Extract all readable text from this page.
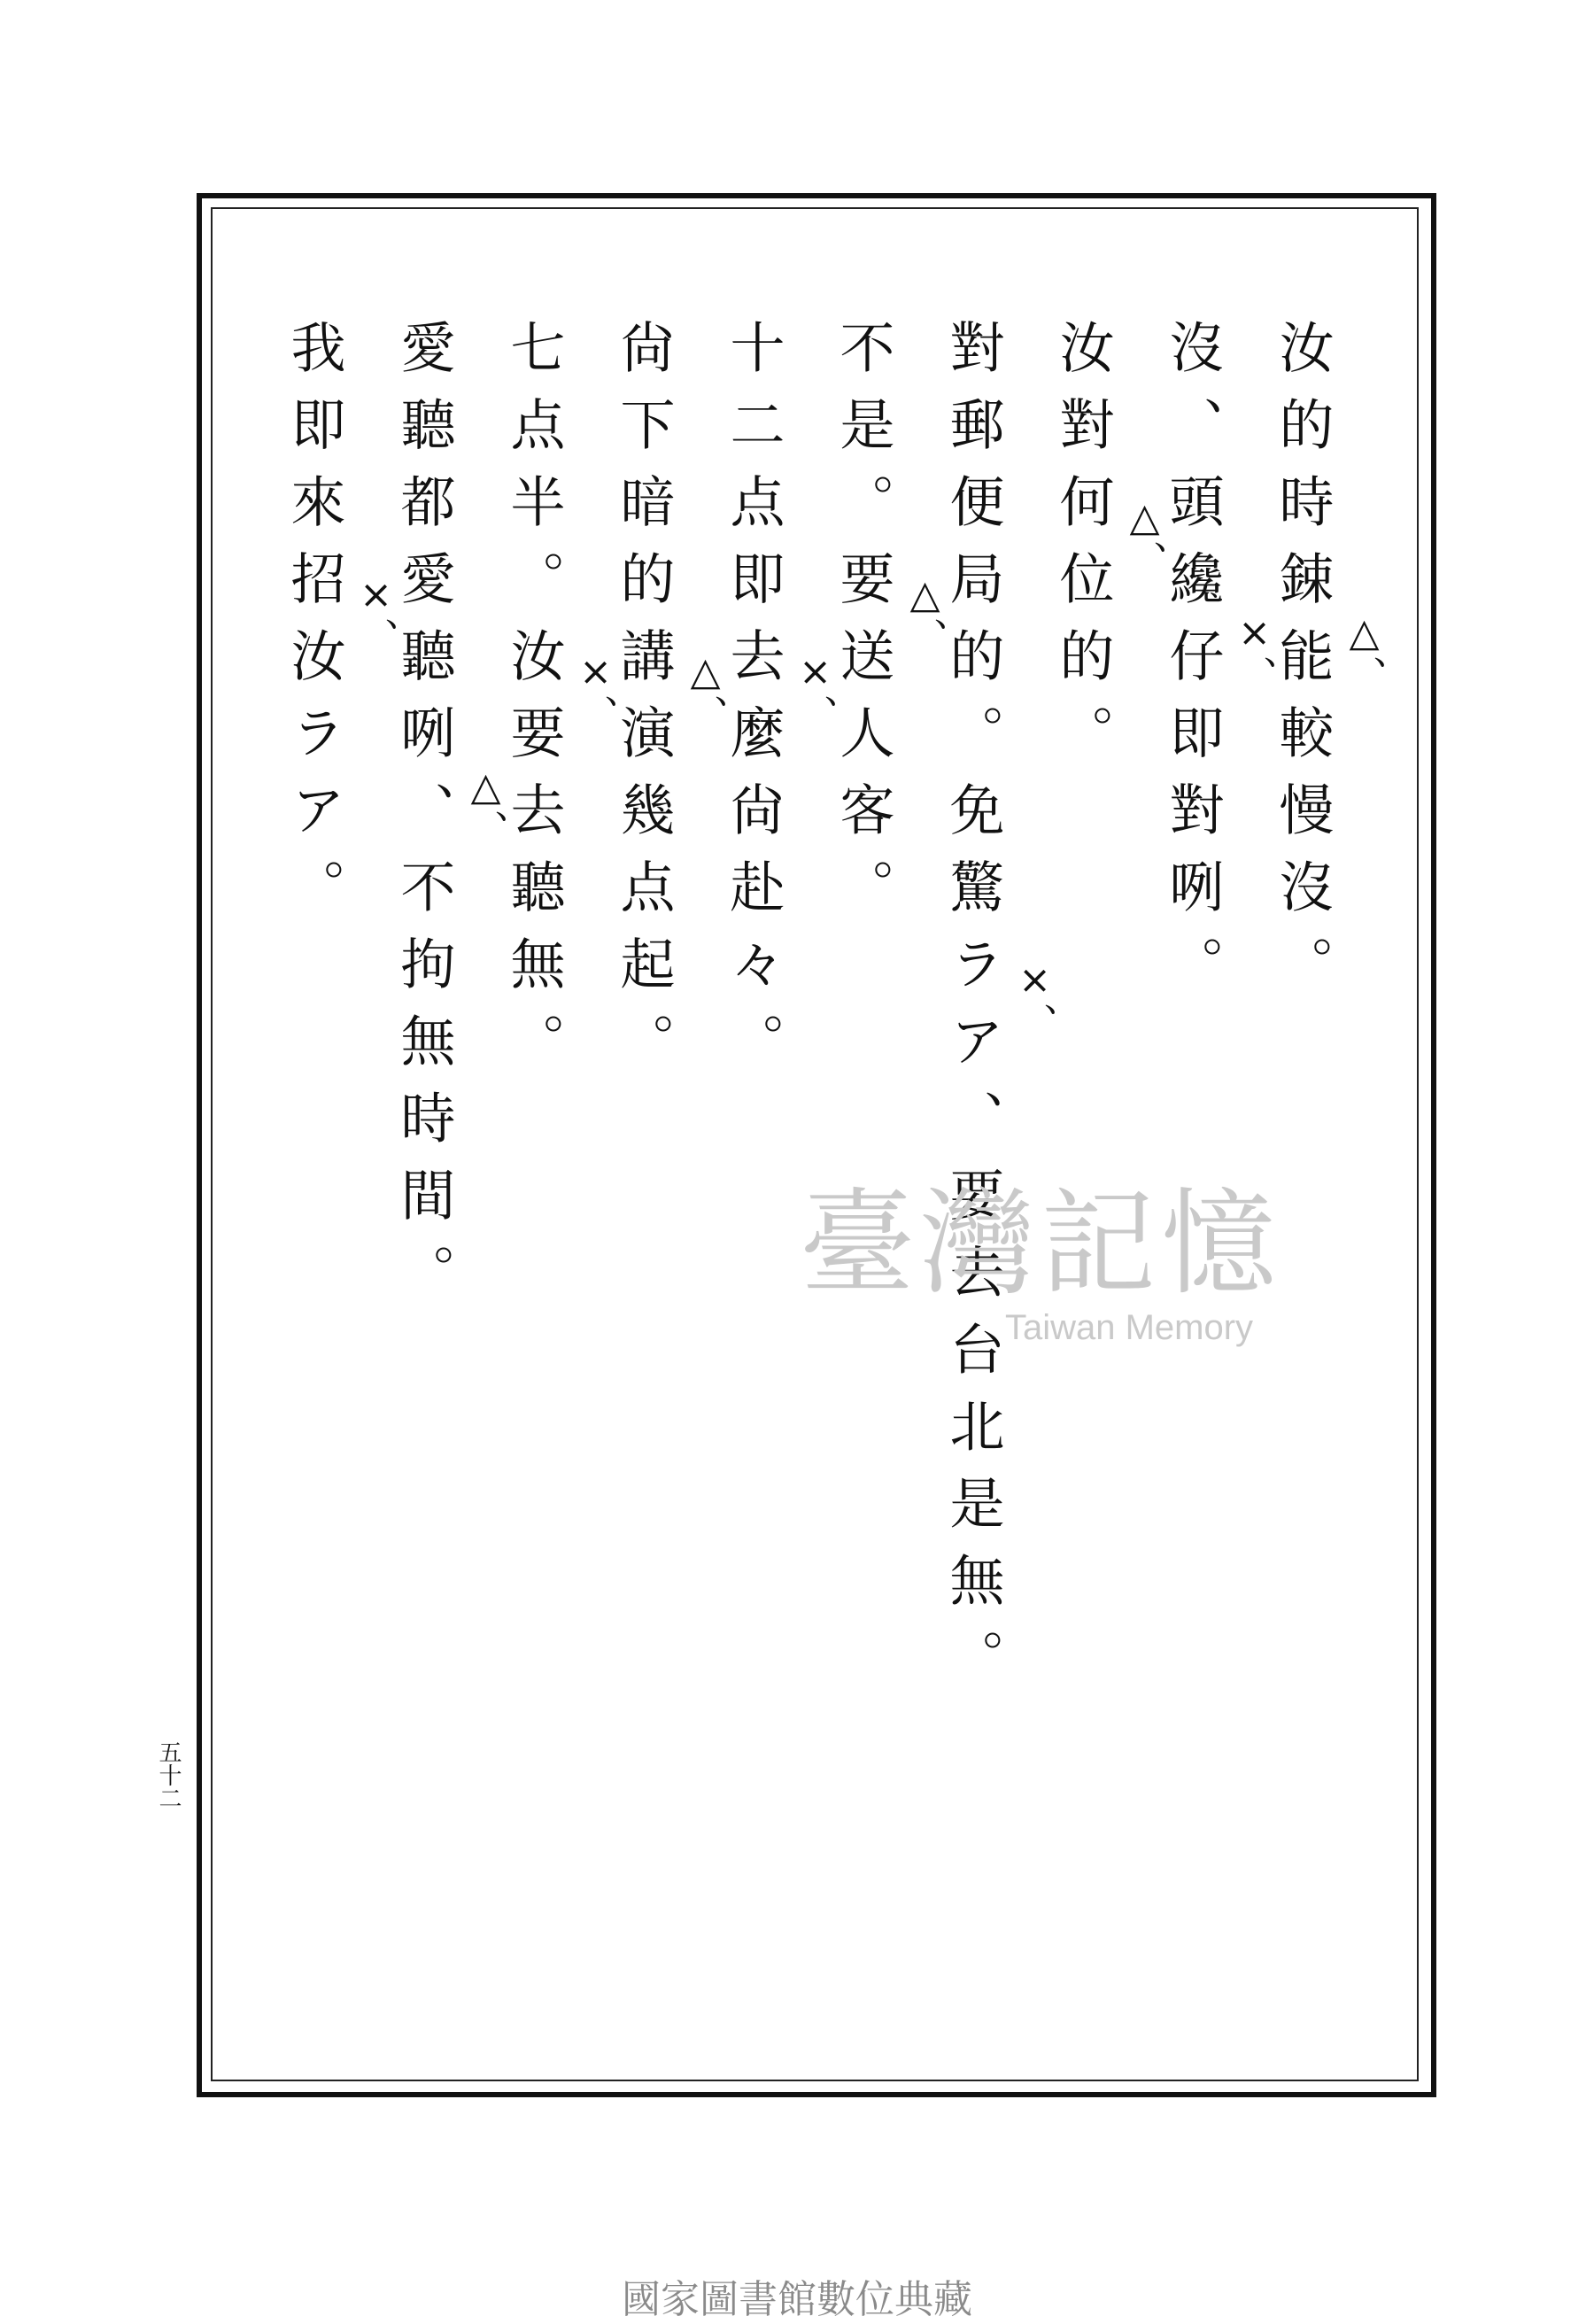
△、
汝的時鋉能較慢沒。
×、
沒、頭纔仔即對咧。
△、
汝對何位的。
×、
對郵便局的。免驚ラア、要去台北是無。
△、
不是。要送人客。
×、
十二点即去麼尙赴々。
△、
尙下暗的講演幾点起。
×、
七点半。汝要去聽無。
△、
愛聽都愛聽咧、不拘無時間。
×、
我即來招汝ラア。
臺灣記憶
Taiwan Memory
五十二
國家圖書館數位典藏
